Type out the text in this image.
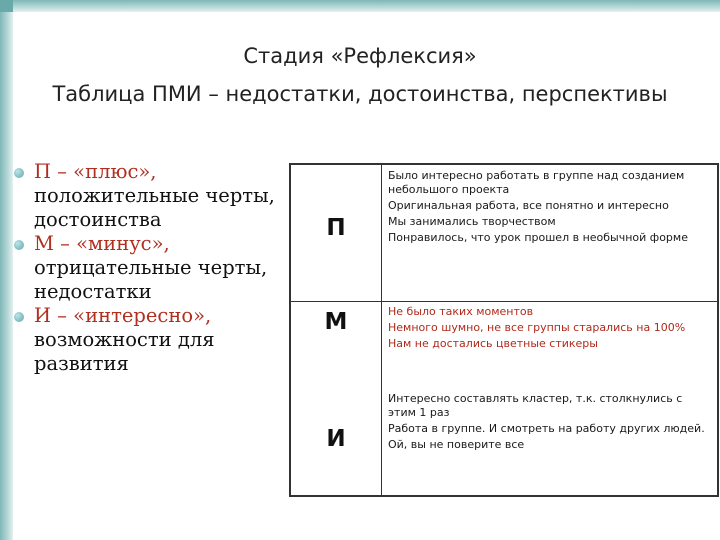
Стадия «Рефлексия»
Таблица ПМИ – недостатки, достоинства, перспективы

П – «плюс», положительные черты, достоинства

М – «минус», отрицательные черты, недостатки

И – «интересно», возможности для развития

П

Было интересно работать в группе над созданием небольшого проекта

Оригинальная работа, все понятно и интересно

Мы занимались творчеством

Понравилось, что урок прошел в необычной форме

М	Не было таких моментов

Немного шумно, не все группы старались на 100%

Нам не достались цветные стикеры

И

Интересно составлять кластер, т.к. столкнулись с этим 1 раз

Работа в группе. И смотреть на работу других людей.

Ой, вы не поверите все
